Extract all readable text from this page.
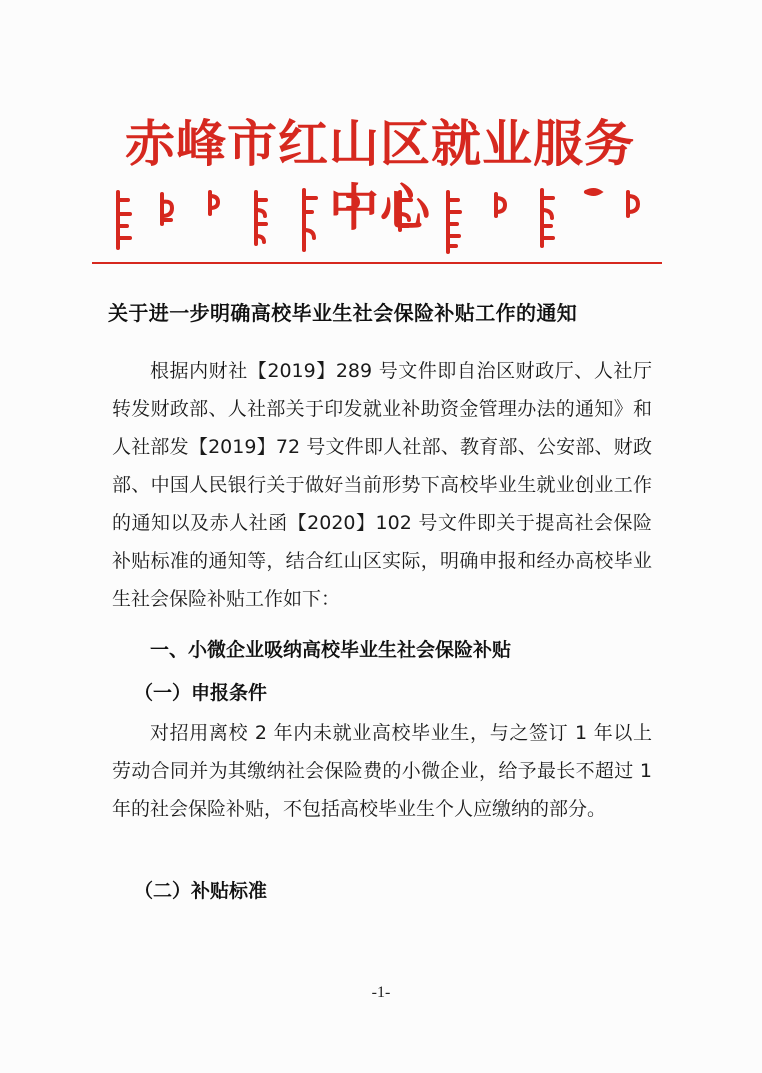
赤峰市红山区就业服务中心
关于进一步明确高校毕业生社会保险补贴工作的通知

根据内财社【2019】289 号文件即自治区财政厅、人社厅转发财政部、人社部关于印发就业补助资金管理办法的通知》和人社部发【2019】72 号文件即人社部、教育部、公安部、财政部、中国人民银行关于做好当前形势下高校毕业生就业创业工作的通知以及赤人社函【2020】102 号文件即关于提高社会保险补贴标准的通知等，结合红山区实际，明确申报和经办高校毕业生社会保险补贴工作如下：

一、小微企业吸纳高校毕业生社会保险补贴
（一）申报条件

对招用离校 2 年内未就业高校毕业生，与之签订 1 年以上劳动合同并为其缴纳社会保险费的小微企业，给予最长不超过 1 年的社会保险补贴，不包括高校毕业生个人应缴纳的部分。

（二）补贴标准
-1-
